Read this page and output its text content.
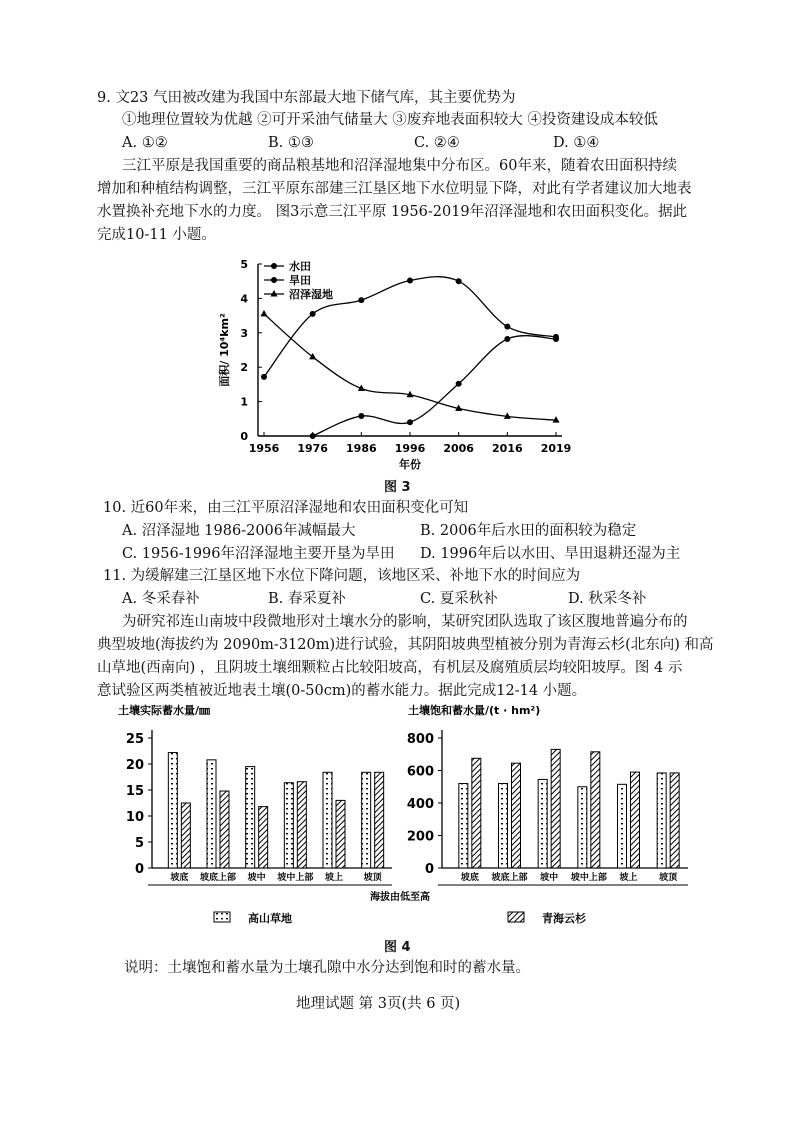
9. 文23 气田被改建为我国中东部最大地下储气库，其主要优势为
①地理位置较为优越 ②可开采油气储量大 ③废弃地表面积较大 ④投资建设成本较低
A. ①②	B. ①③	C. ②④	D. ①④
三江平原是我国重要的商品粮基地和沼泽湿地集中分布区。60年来，随着农田面积持续
增加和种植结构调整，三江平原东部建三江垦区地下水位明显下降，对此有学者建议加大地表
水置换补充地下水的力度。 图3示意三江平原 1956-2019年沼泽湿地和农田面积变化。据此
完成10-11 小题。
0
1
2
3
4
5
1956 1976 1986 1996 2006 2016 2019
年份
面积/ 10⁴km²
水田
旱田
沼泽湿地
图 3
10. 近60年来，由三江平原沼泽湿地和农田面积变化可知
A. 沼泽湿地 1986-2006年减幅最大	B. 2006年后水田的面积较为稳定
C. 1956-1996年沼泽湿地主要开垦为旱田 D. 1996年后以水田、旱田退耕还湿为主
11. 为缓解建三江垦区地下水位下降问题，该地区采、补地下水的时间应为
A. 冬采春补	B. 春采夏补	C. 夏采秋补	D. 秋采冬补
为研究祁连山南坡中段微地形对土壤水分的影响，某研究团队选取了该区腹地普遍分布的
典型坡地(海拔约为 2090m-3120m)进行试验，其阴阳坡典型植被分别为青海云杉(北东向) 和高
山草地(西南向) ，且阴坡土壤细颗粒占比较阳坡高，有机层及腐殖质层均较阳坡厚。图 4 示
意试验区两类植被近地表土壤(0-50cm)的蓄水能力。据此完成12-14 小题。
土壤实际蓄水量/㎜
0
5
10
15
20
25
坡底 坡底上部 坡中 坡中上部 坡上 坡顶
土壤饱和蓄水量/(t · hm²)
0
200
400
600
800
坡底 坡底上部 坡中 坡中上部 坡上 坡顶
海拔由低至高
高山草地	青海云杉
图 4
说明：土壤饱和蓄水量为土壤孔隙中水分达到饱和时的蓄水量。
地理试题 第 3页(共 6 页)
